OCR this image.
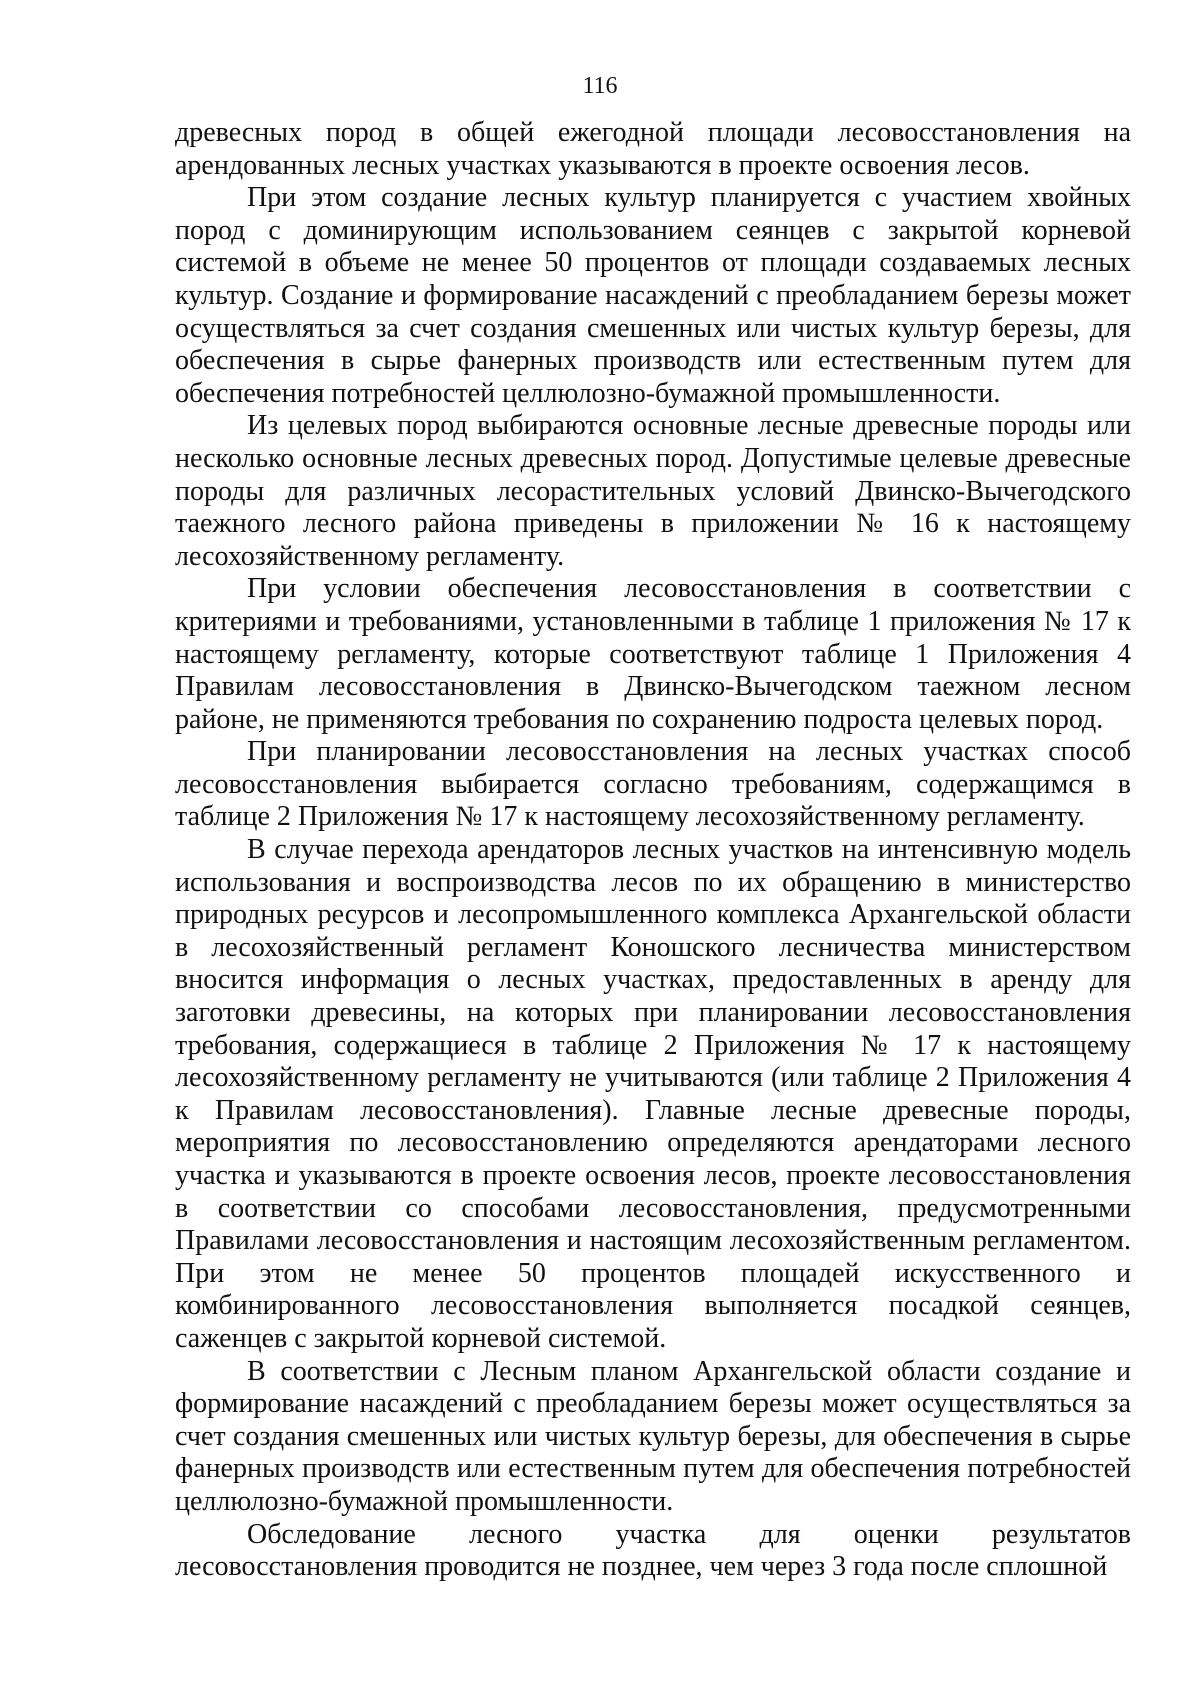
116

древесных пород в общей ежегодной площади лесовосстановления на арендованных лесных участках указываются в проекте освоения лесов.

При этом создание лесных культур планируется с участием хвойных пород с доминирующим использованием сеянцев с закрытой корневой системой в объеме не менее 50 процентов от площади создаваемых лесных культур. Создание и формирование насаждений с преобладанием березы может осуществляться за счет создания смешенных или чистых культур березы, для обеспечения в сырье фанерных производств или естественным путем для обеспечения потребностей целлюлозно-бумажной промышленности.

Из целевых пород выбираются основные лесные древесные породы или несколько основные лесных древесных пород. Допустимые целевые древесные породы для различных лесорастительных условий Двинско-Вычегодского таежного лесного района приведены в приложении № 16 к настоящему лесохозяйственному регламенту.

При условии обеспечения лесовосстановления в соответствии с критериями и требованиями, установленными в таблице 1 приложения № 17 к настоящему регламенту, которые соответствуют таблице 1 Приложения 4 Правилам лесовосстановления в Двинско-Вычегодском таежном лесном районе, не применяются требования по сохранению подроста целевых пород.

При планировании лесовосстановления на лесных участках способ лесовосстановления выбирается согласно требованиям, содержащимся в таблице 2 Приложения № 17 к настоящему лесохозяйственному регламенту.

В случае перехода арендаторов лесных участков на интенсивную модель использования и воспроизводства лесов по их обращению в министерство природных ресурсов и лесопромышленного комплекса Архангельской области в лесохозяйственный регламент Коношского лесничества министерством вносится информация о лесных участках, предоставленных в аренду для заготовки древесины, на которых при планировании лесовосстановления требования, содержащиеся в таблице 2 Приложения № 17 к настоящему лесохозяйственному регламенту не учитываются (или таблице 2 Приложения 4 к Правилам лесовосстановления). Главные лесные древесные породы, мероприятия по лесовосстановлению определяются арендаторами лесного участка и указываются в проекте освоения лесов, проекте лесовосстановления в соответствии со способами лесовосстановления, предусмотренными Правилами лесовосстановления и настоящим лесохозяйственным регламентом. При этом не менее 50 процентов площадей искусственного и комбинированного лесовосстановления выполняется посадкой сеянцев, саженцев с закрытой корневой системой.

В соответствии с Лесным планом Архангельской области создание и формирование насаждений с преобладанием березы может осуществляться за счет создания смешенных или чистых культур березы, для обеспечения в сырье фанерных производств или естественным путем для обеспечения потребностей целлюлозно-бумажной промышленности.

Обследование лесного участка для оценки результатов лесовосстановления проводится не позднее, чем через 3 года после сплошной
